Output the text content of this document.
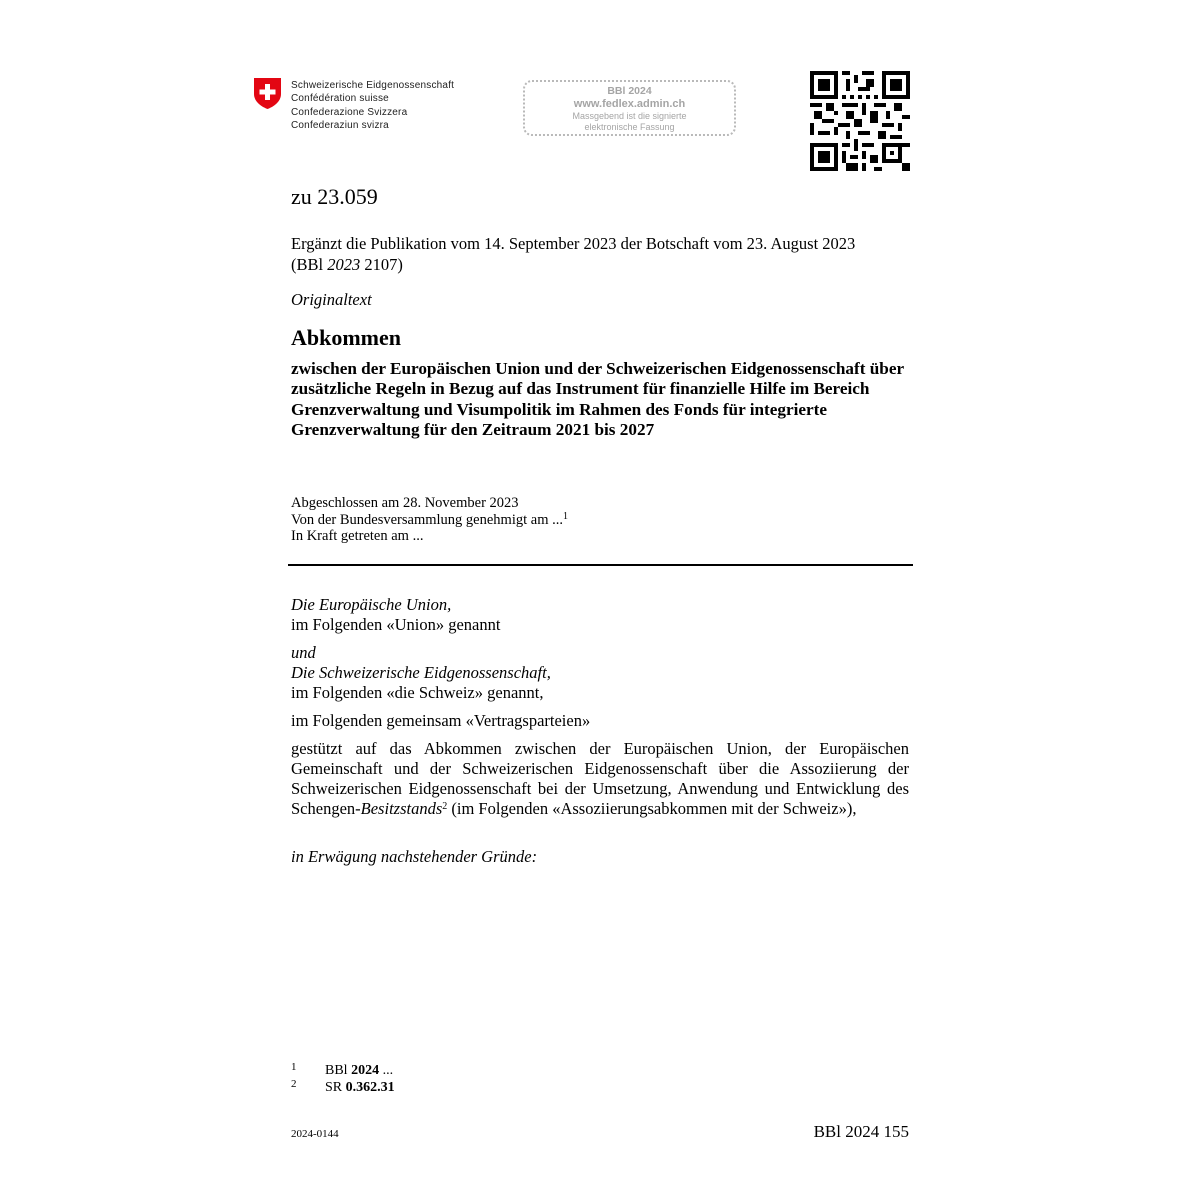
Schweizerische Eidgenossenschaft
Confédération suisse
Confederazione Svizzera
Confederaziun svizra
BBl 2024
www.fedlex.admin.ch
Massgebend ist die signierte
elektronische Fassung
zu 23.059
Ergänzt die Publikation vom 14. September 2023 der Botschaft vom 23. August 2023
(BBl 2023 2107)
Originaltext
Abkommen
zwischen der Europäischen Union und der Schweizerischen Eidgenossenschaft über zusätzliche Regeln in Bezug auf das Instrument für finanzielle Hilfe im Bereich Grenzverwaltung und Visumpolitik im Rahmen des Fonds für integrierte Grenzverwaltung für den Zeitraum 2021 bis 2027
Abgeschlossen am 28. November 2023
Von der Bundesversammlung genehmigt am ...$^1$
In Kraft getreten am ...
Die Europäische Union,
im Folgenden «Union» genannt
und
Die Schweizerische Eidgenossenschaft,
im Folgenden «die Schweiz» genannt,
im Folgenden gemeinsam «Vertragsparteien»
gestützt auf das Abkommen zwischen der Europäischen Union, der Europäischen Gemeinschaft und der Schweizerischen Eidgenossenschaft über die Assoziierung der Schweizerischen Eidgenossenschaft bei der Umsetzung, Anwendung und Entwicklung des Schengen-Besitzstands$^2$ (im Folgenden «Assoziierungsabkommen mit der Schweiz»),
in Erwägung nachstehender Gründe:
1 BBl 2024 ...
2 SR 0.362.31
2024-0144	BBl 2024 155
